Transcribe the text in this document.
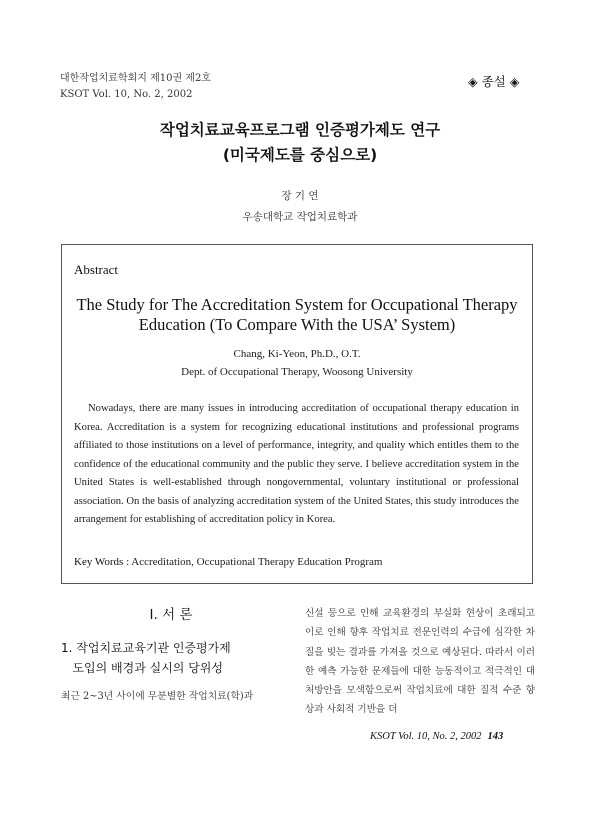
대한작업치료학회지 제10권 제2호
KSOT Vol. 10, No. 2, 2002
◈ 종설 ◈
작업치료교육프로그램 인증평가제도 연구
(미국제도를 중심으로)
장 기 연
우송대학교 작업치료학과
Abstract
The Study for The Accreditation System for Occupational Therapy
Education (To Compare With the USA’ System)
Chang, Ki-Yeon, Ph.D., O.T.
Dept. of Occupational Therapy, Woosong University

Nowadays, there are many issues in introducing accreditation of occupational therapy education in Korea. Accreditation is a system for recognizing educational institutions and professional programs affiliated to those institutions on a level of performance, integrity, and quality which entitles them to the confidence of the educational community and the public they serve. I believe accreditation system in the United States is well-established through nongovernmental, voluntary institutional or professional association. On the basis of analyzing accreditation system of the United States, this study introduces the arrangement for establishing of accreditation policy in Korea.

Key Words : Accreditation, Occupational Therapy Education Program
Ⅰ. 서 론
1. 작업치료교육기관 인증평가제
도입의 배경과 실시의 당위성
최근 2~3년 사이에 무분별한 작업치료(학)과

신설 등으로 인해 교육환경의 부실화 현상이 초래되고 이로 인해 향후 작업치료 전문인력의 수급에 심각한 차질을 빚는 결과를 가져올 것으로 예상된다. 따라서 이러한 예측 가능한 문제들에 대한 능동적이고 적극적인 대처방안을 모색함으로써 작업치료에 대한 질적 수준 향상과 사회적 기반을 더

KSOT Vol. 10, No. 2, 2002 143
